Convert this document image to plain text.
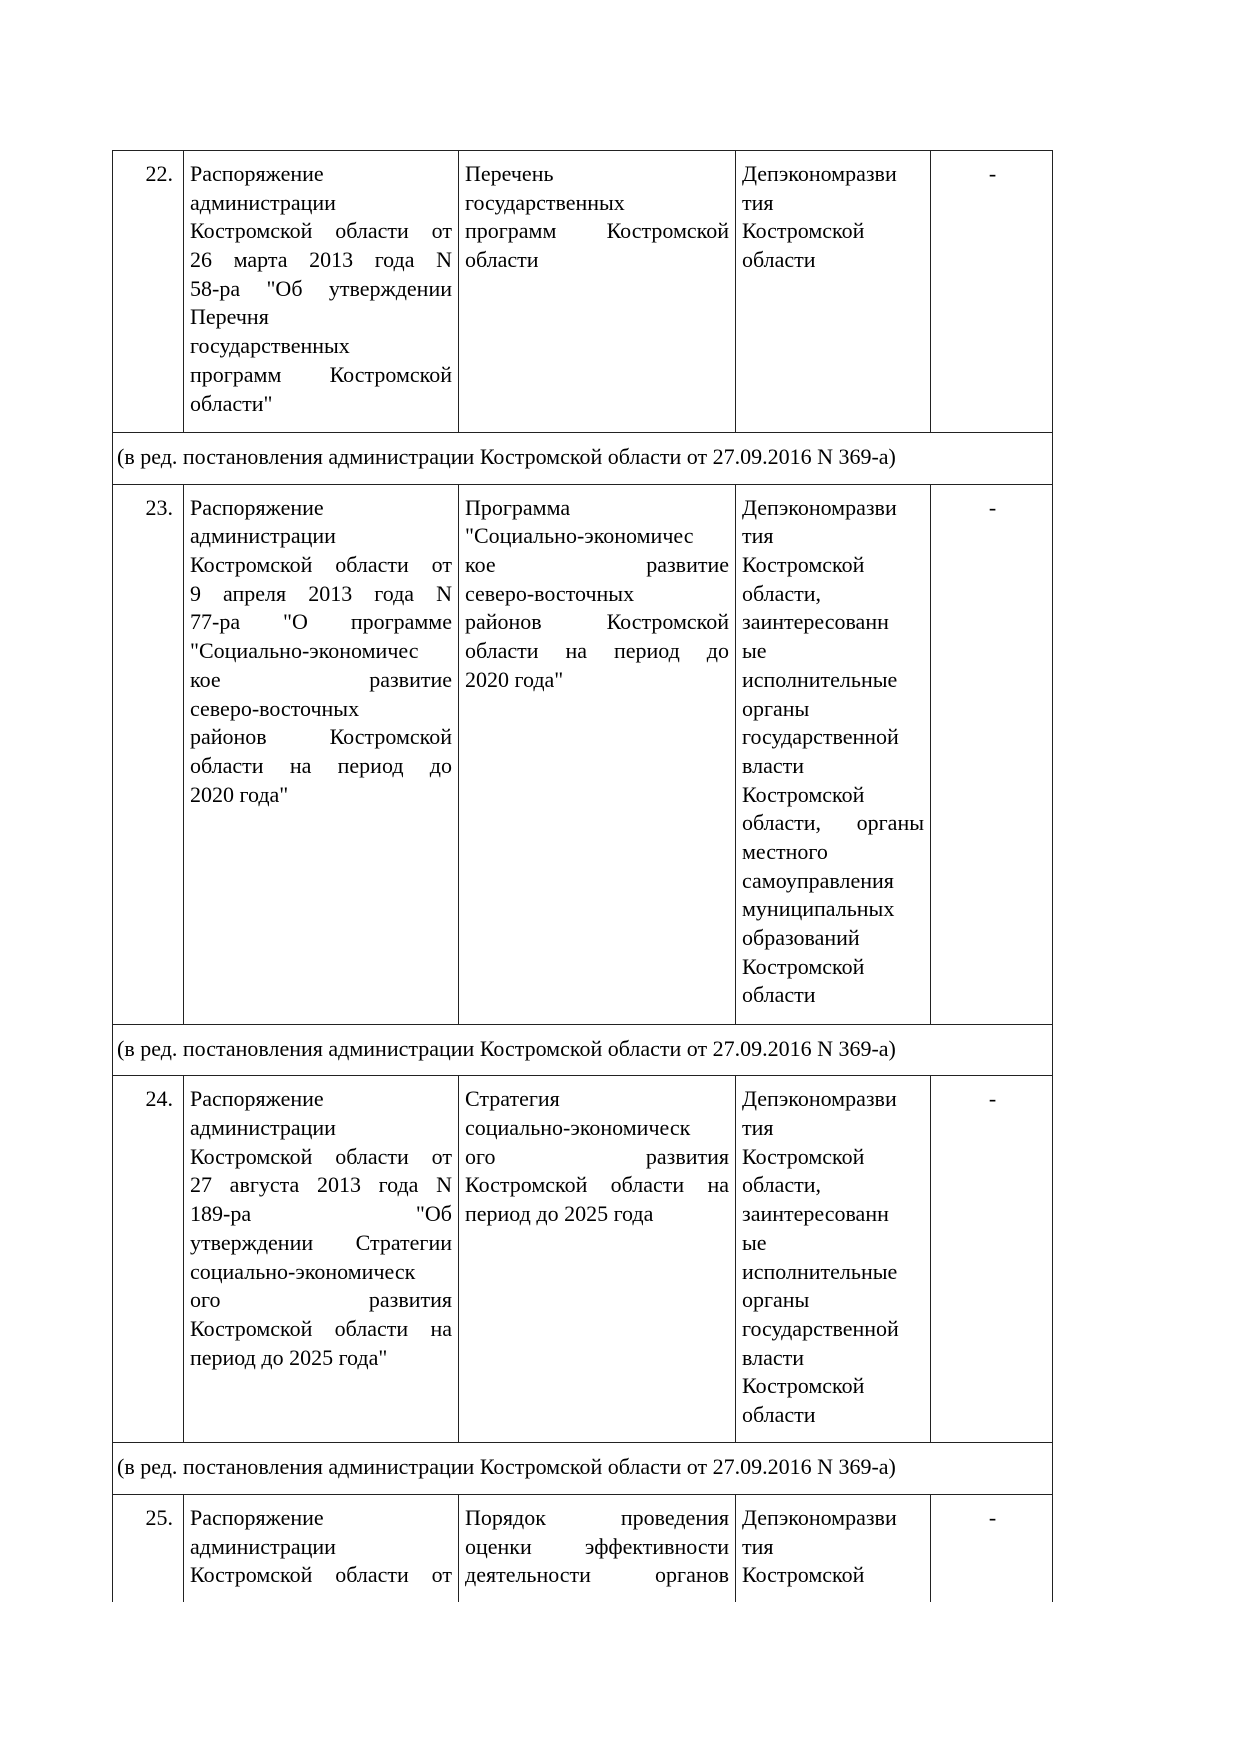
22. Распоряжение
администрации
Костромской области от
26 марта 2013 года N
58-ра "Об утверждении
Перечня
государственных
программ Костромской
области"
Перечень
государственных
программ Костромской
области
Депэкономразви
тия
Костромской
области
-
(в ред. постановления администрации Костромской области от 27.09.2016 N 369-а)
23. Распоряжение
администрации
Костромской области от
9 апреля 2013 года N
77-ра "О программе
"Социально-экономичес
кое развитие
северо-восточных
районов Костромской
области на период до
2020 года"
Программа
"Социально-экономичес
кое развитие
северо-восточных
районов Костромской
области на период до
2020 года"
Депэкономразви
тия
Костромской
области,
заинтересованн
ые
исполнительные
органы
государственной
власти
Костромской
области, органы
местного
самоуправления
муниципальных
образований
Костромской
области
-
(в ред. постановления администрации Костромской области от 27.09.2016 N 369-а)
24. Распоряжение
администрации
Костромской области от
27 августа 2013 года N
189-ра "Об
утверждении Стратегии
социально-экономическ
ого развития
Костромской области на
период до 2025 года"
Стратегия
социально-экономическ
ого развития
Костромской области на
период до 2025 года
Депэкономразви
тия
Костромской
области,
заинтересованн
ые
исполнительные
органы
государственной
власти
Костромской
области
-
(в ред. постановления администрации Костромской области от 27.09.2016 N 369-а)
25. Распоряжение
администрации
Костромской области от
Порядок проведения
оценки эффективности
деятельности органов
Депэкономразви
тия
Костромской
-
